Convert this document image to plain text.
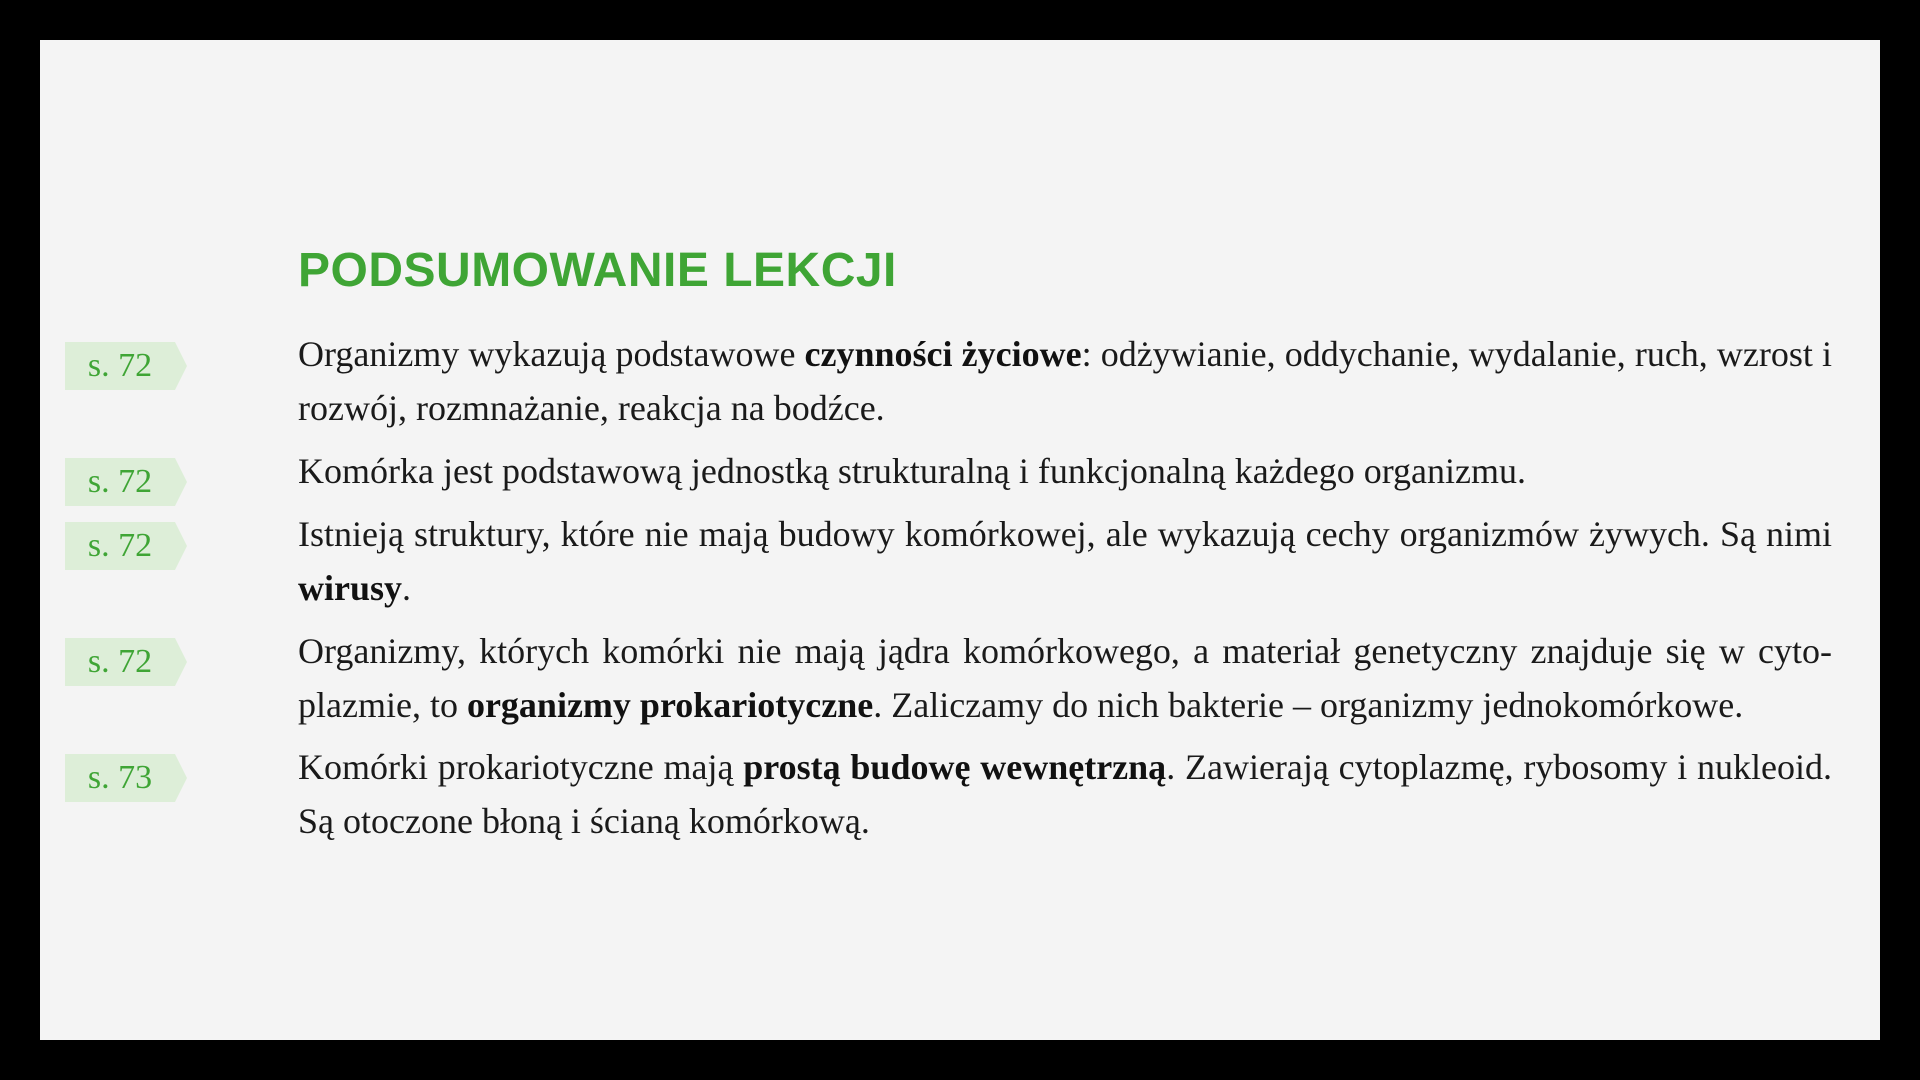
PODSUMOWANIE LEKCJI
s. 72	Organizmy wykazują podstawowe czynności życiowe: odżywianie, oddychanie, wydalanie, ruch, wzrost i rozwój, rozmnażanie, reakcja na bodźce.

s. 72	Komórka jest podstawową jednostką strukturalną i funkcjonalną każdego organizmu.

s. 72	Istnieją struktury, które nie mają budowy komórkowej, ale wykazują cechy organizmów żywych. Są nimi wirusy.

s. 72	Organizmy, których komórki nie mają jądra komórkowego, a materiał genetyczny znajduje się w cytoplazmie, to organizmy prokariotyczne. Zaliczamy do nich bakterie – organizmy jednokomórkowe.

s. 73	Komórki prokariotyczne mają prostą budowę wewnętrzną. Zawierają cytoplazmę, rybosomy i nukleoid. Są otoczone błoną i ścianą komórkową.
